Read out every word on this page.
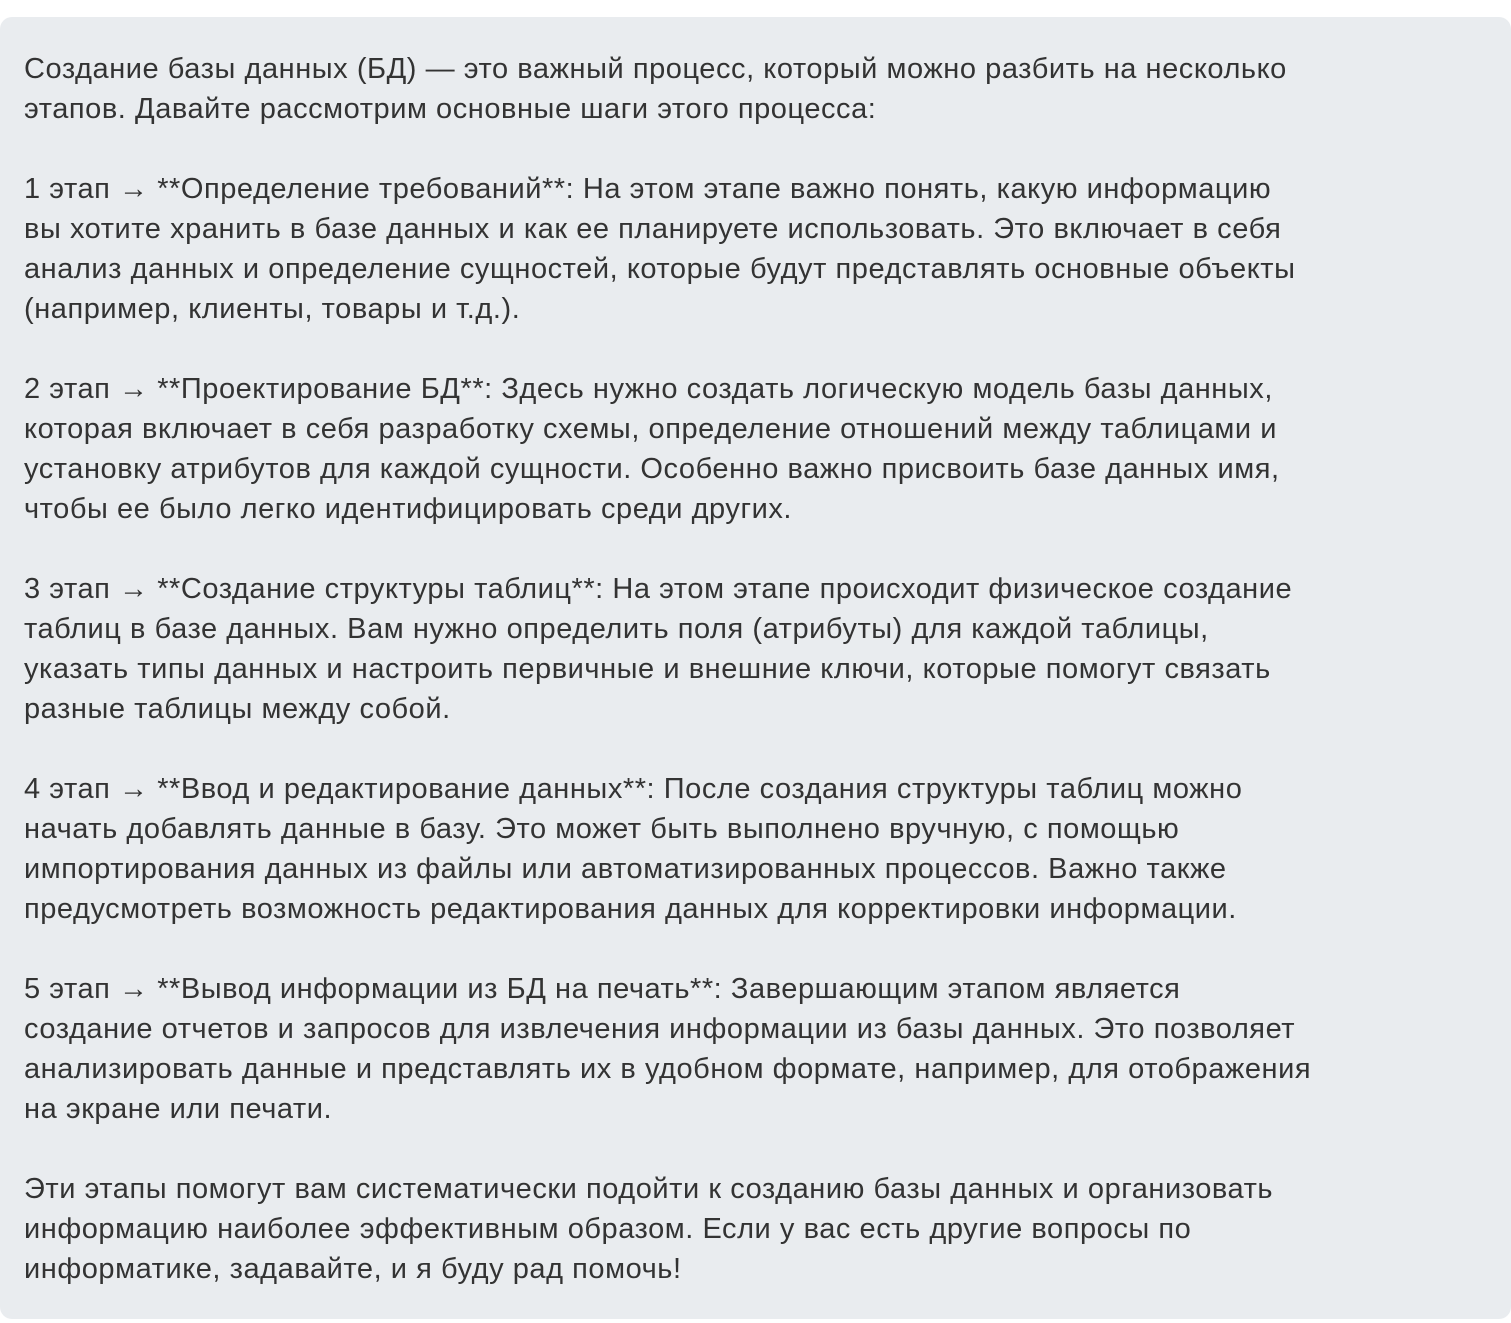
Создание базы данных (БД) — это важный процесс, который можно разбить на несколько
этапов. Давайте рассмотрим основные шаги этого процесса:
1 этап → **Определение требований**: На этом этапе важно понять, какую информацию
вы хотите хранить в базе данных и как ее планируете использовать. Это включает в себя
анализ данных и определение сущностей, которые будут представлять основные объекты
(например, клиенты, товары и т.д.).
2 этап → **Проектирование БД**: Здесь нужно создать логическую модель базы данных,
которая включает в себя разработку схемы, определение отношений между таблицами и
установку атрибутов для каждой сущности. Особенно важно присвоить базе данных имя,
чтобы ее было легко идентифицировать среди других.
3 этап → **Создание структуры таблиц**: На этом этапе происходит физическое создание
таблиц в базе данных. Вам нужно определить поля (атрибуты) для каждой таблицы,
указать типы данных и настроить первичные и внешние ключи, которые помогут связать
разные таблицы между собой.
4 этап → **Ввод и редактирование данных**: После создания структуры таблиц можно
начать добавлять данные в базу. Это может быть выполнено вручную, с помощью
импортирования данных из файлы или автоматизированных процессов. Важно также
предусмотреть возможность редактирования данных для корректировки информации.
5 этап → **Вывод информации из БД на печать**: Завершающим этапом является
создание отчетов и запросов для извлечения информации из базы данных. Это позволяет
анализировать данные и представлять их в удобном формате, например, для отображения
на экране или печати.
Эти этапы помогут вам систематически подойти к созданию базы данных и организовать
информацию наиболее эффективным образом. Если у вас есть другие вопросы по
информатике, задавайте, и я буду рад помочь!
